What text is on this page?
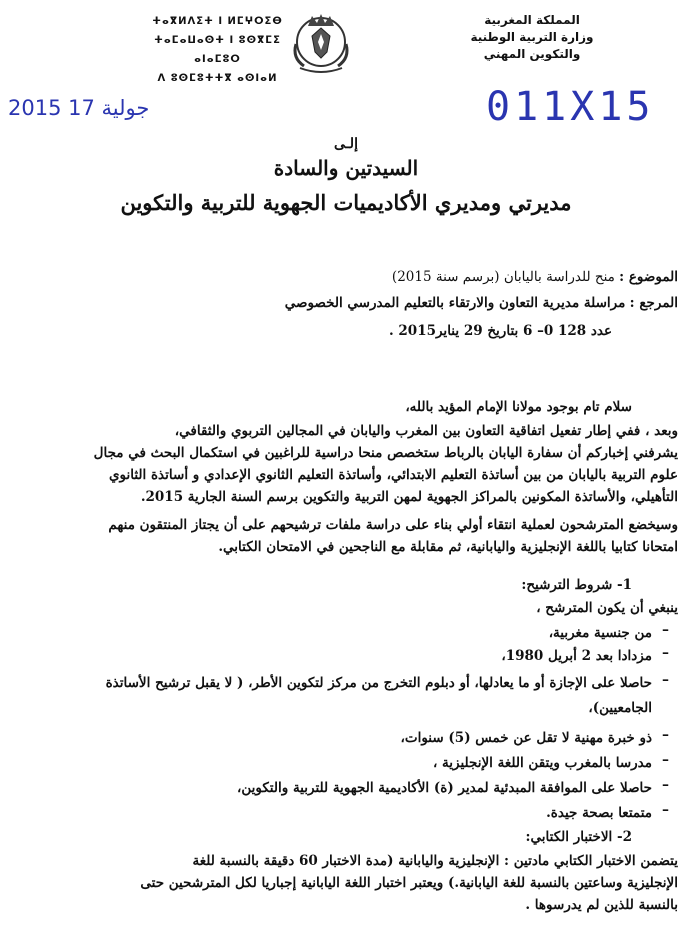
ⵜⴰⴳⵍⴷⵉⵜ ⵏ ⵍⵎⵖⵔⵉⴱ
ⵜⴰⵎⴰⵡⴰⵙⵜ ⵏ ⵓⵙⴳⵎⵉ ⴰⵏⴰⵎⵓⵔ
ⴷ ⵓⵙⵎⵓⵜⵜⴳ ⴰⵙⵏⴰⵍ
المملكة المغربية
وزارة التربية الوطنية
والتكوين المهني
2015 جولية 17	011X15
إلـى
السيدتين والسادة
مديرتي ومديري الأكاديميات الجهوية للتربية والتكوين
الموضوع : منح للدراسة باليابان (برسم سنة 2015)
المرجع : مراسلة مديرية التعاون والارتقاء بالتعليم المدرسي الخصوصي
عدد 128 0– 6 بتاريخ 29 يناير2015 .
سلام تام بوجود مولانا الإمام المؤيد بالله،
وبعد ، ففي إطار تفعيل اتفاقية التعاون بين المغرب واليابان في المجالين التربوي والثقافي،
يشرفني إخباركم أن سفارة اليابان بالرباط ستخصص منحا دراسية للراغبين في استكمال البحث في مجال
علوم التربية باليابان من بين أساتذة التعليم الابتدائي، وأساتذة التعليم الثانوي الإعدادي و أساتذة الثانوي
التأهيلي، والأساتذة المكونين بالمراكز الجهوية لمهن التربية والتكوين برسم السنة الجارية 2015.
وسيخضع المترشحون لعملية انتقاء أولي بناء على دراسة ملفات ترشيحهم على أن يجتاز المنتقون منهم
امتحانا كتابيا باللغة الإنجليزية واليابانية، ثم مقابلة مع الناجحين في الامتحان الكتابي.
1- شروط الترشيح:
ينبغي أن يكون المترشح ،
من جنسية مغربية،
مزدادا بعد 2 أبريل 1980،
حاصلا على الإجازة أو ما يعادلها، أو دبلوم التخرج من مركز لتكوين الأطر، ( لا يقبل ترشيح الأساتذة
الجامعيين)،
ذو خبرة مهنية لا تقل عن خمس (5) سنوات،
مدرسا بالمغرب ويتقن اللغة الإنجليزية ،
حاصلا على الموافقة المبدئية لمدير (ة) الأكاديمية الجهوية للتربية والتكوين،
متمتعا بصحة جيدة.
–
–
–
–
–
–
–
2- الاختبار الكتابي:
يتضمن الاختبار الكتابي مادتين : الإنجليزية واليابانية (مدة الاختبار 60 دقيقة بالنسبة للغة
الإنجليزية وساعتين بالنسبة للغة اليابانية.) ويعتبر اختبار اللغة اليابانية إجباريا لكل المترشحين حتى
بالنسبة للذين لم يدرسوها .
